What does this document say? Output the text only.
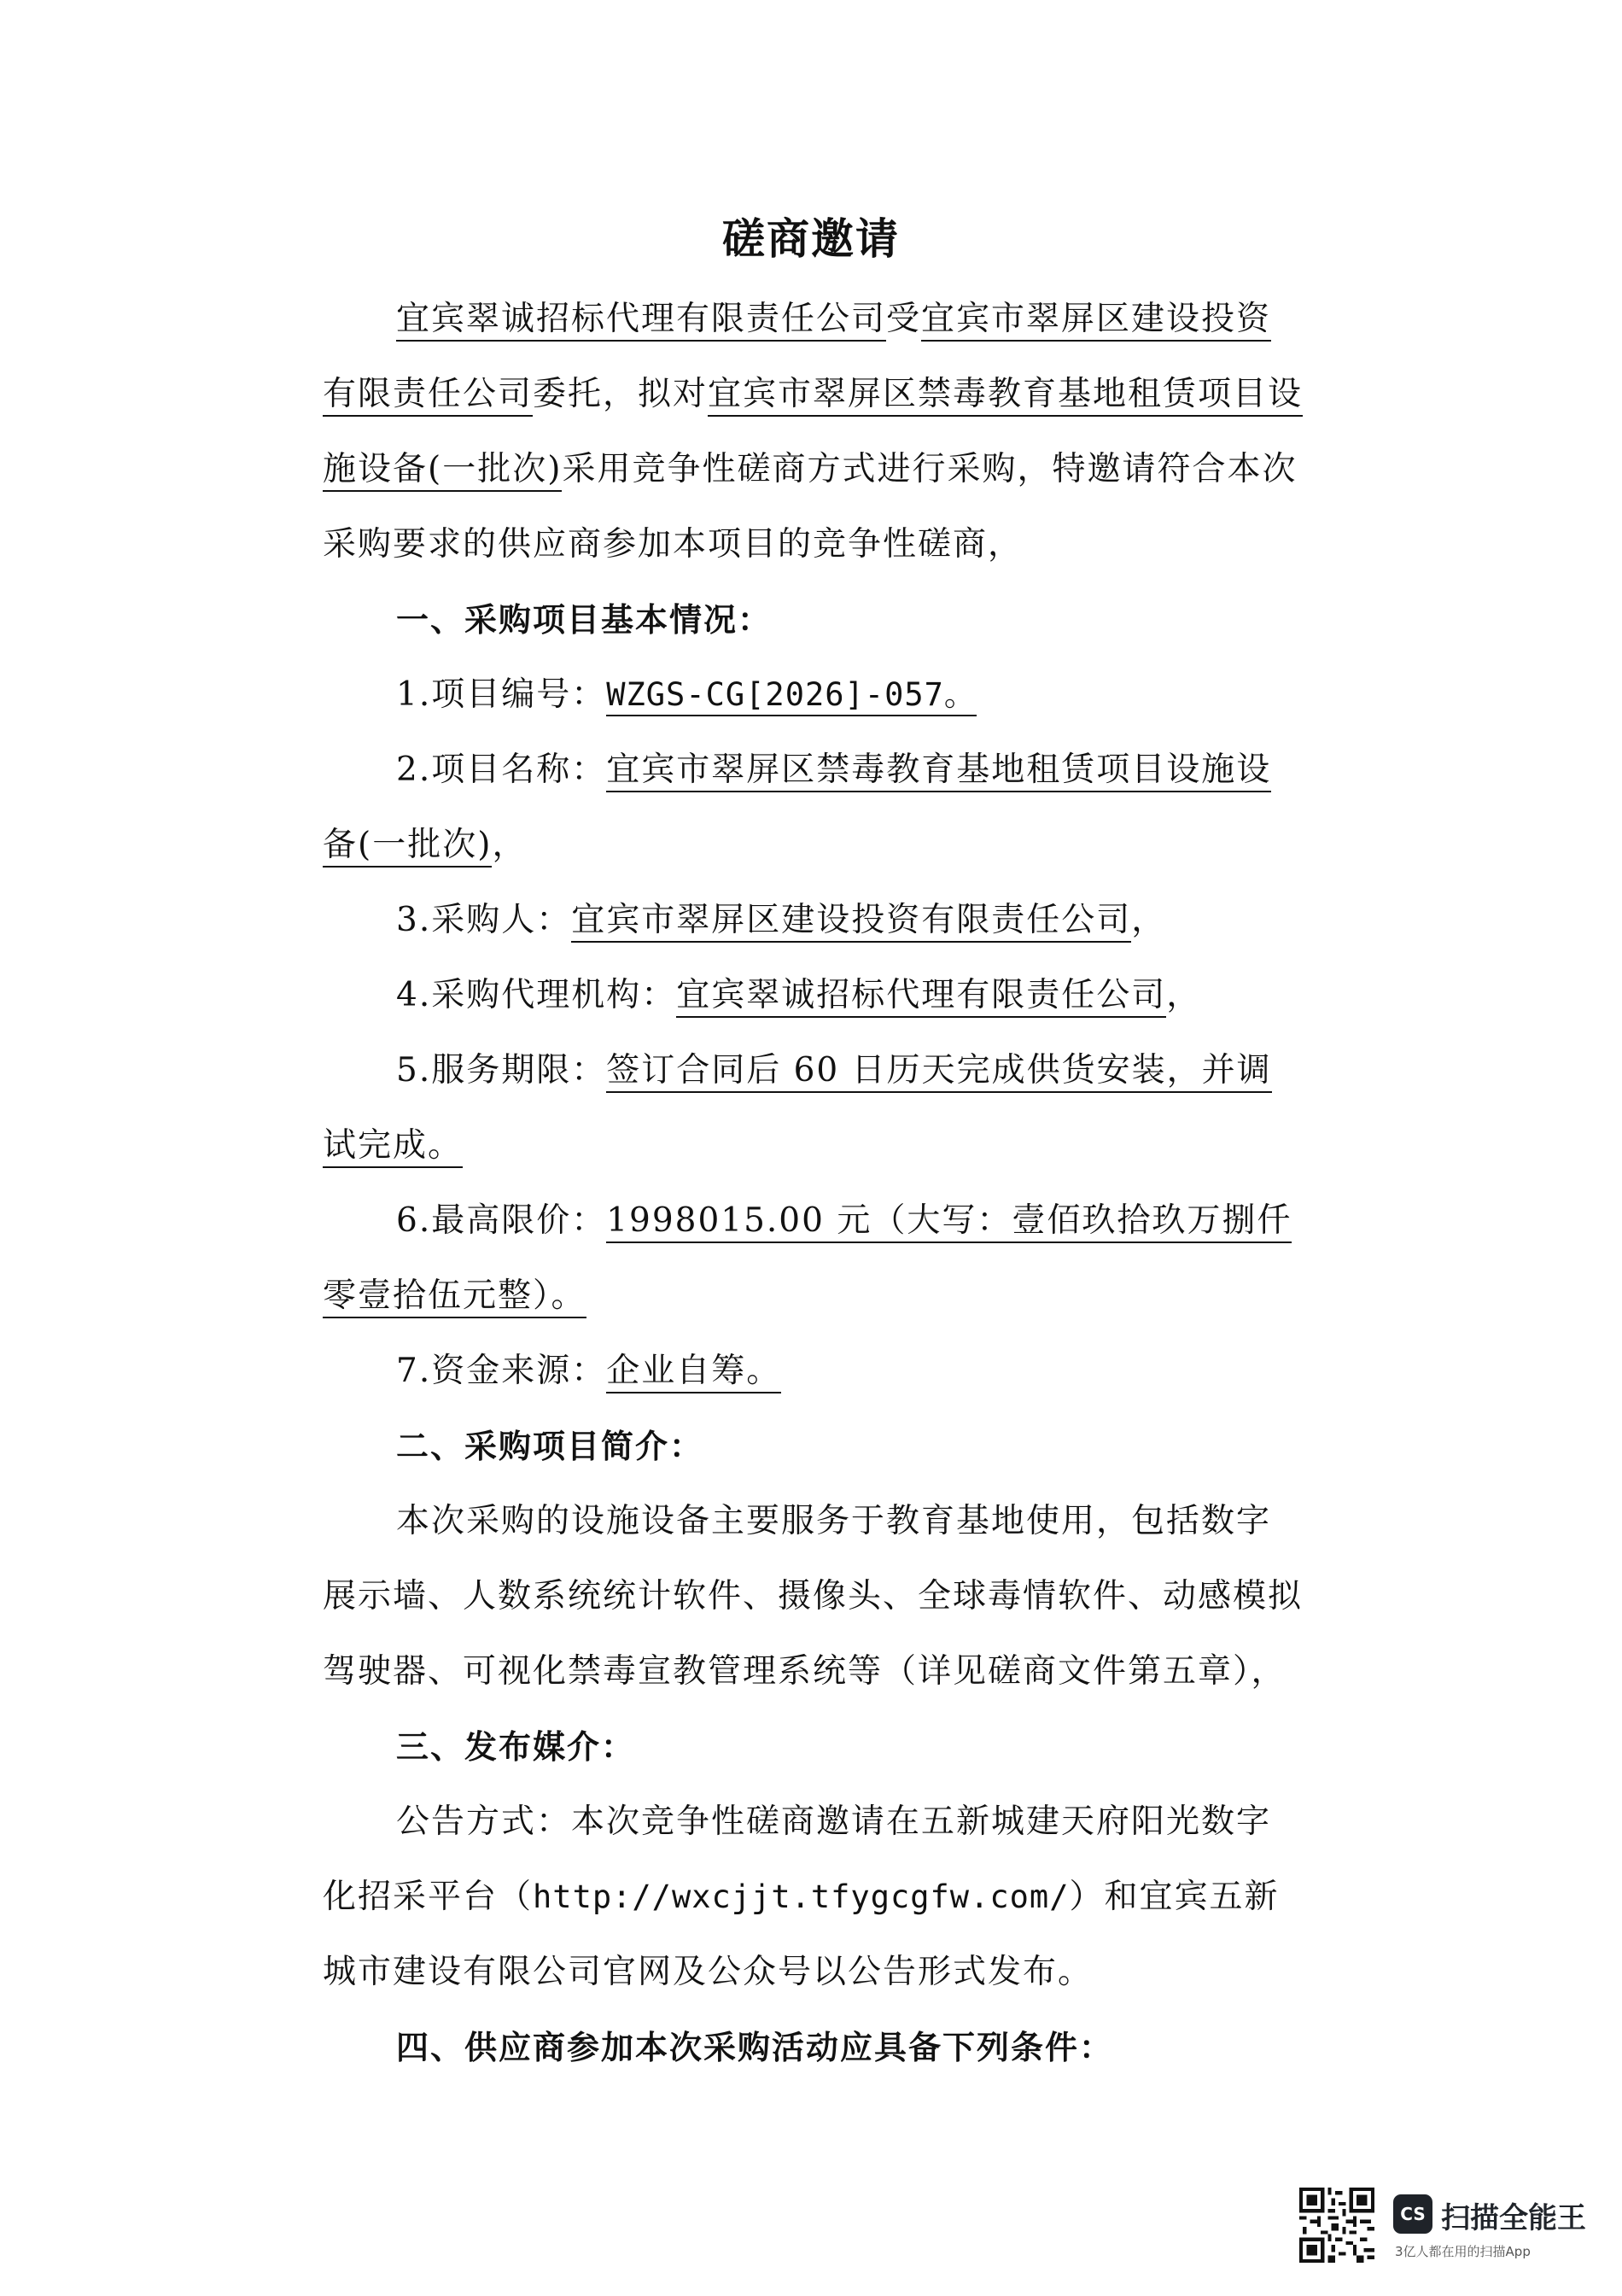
磋商邀请

宜宾翠诚招标代理有限责任公司受宜宾市翠屏区建设投资有限责任公司委托，拟对宜宾市翠屏区禁毒教育基地租赁项目设施设备(一批次)采用竞争性磋商方式进行采购，特邀请符合本次采购要求的供应商参加本项目的竞争性磋商，

一、采购项目基本情况：

1.项目编号：WZGS-CG[2026]-057。

2.项目名称：宜宾市翠屏区禁毒教育基地租赁项目设施设备(一批次)，

3.采购人：宜宾市翠屏区建设投资有限责任公司，

4.采购代理机构：宜宾翠诚招标代理有限责任公司，

5.服务期限：签订合同后 60 日历天完成供货安装，并调试完成。

6.最高限价：1998015.00 元（大写：壹佰玖拾玖万捌仟零壹拾伍元整）。

7.资金来源：企业自筹。

二、采购项目简介：

本次采购的设施设备主要服务于教育基地使用，包括数字展示墙、人数系统统计软件、摄像头、全球毒情软件、动感模拟驾驶器、可视化禁毒宣教管理系统等（详见磋商文件第五章），

三、发布媒介：

公告方式：本次竞争性磋商邀请在五新城建天府阳光数字化招采平台（http://wxcjjt.tfygcgfw.com/）和宜宾五新城市建设有限公司官网及公众号以公告形式发布。

四、供应商参加本次采购活动应具备下列条件：

CS 扫描全能王
3亿人都在用的扫描App
